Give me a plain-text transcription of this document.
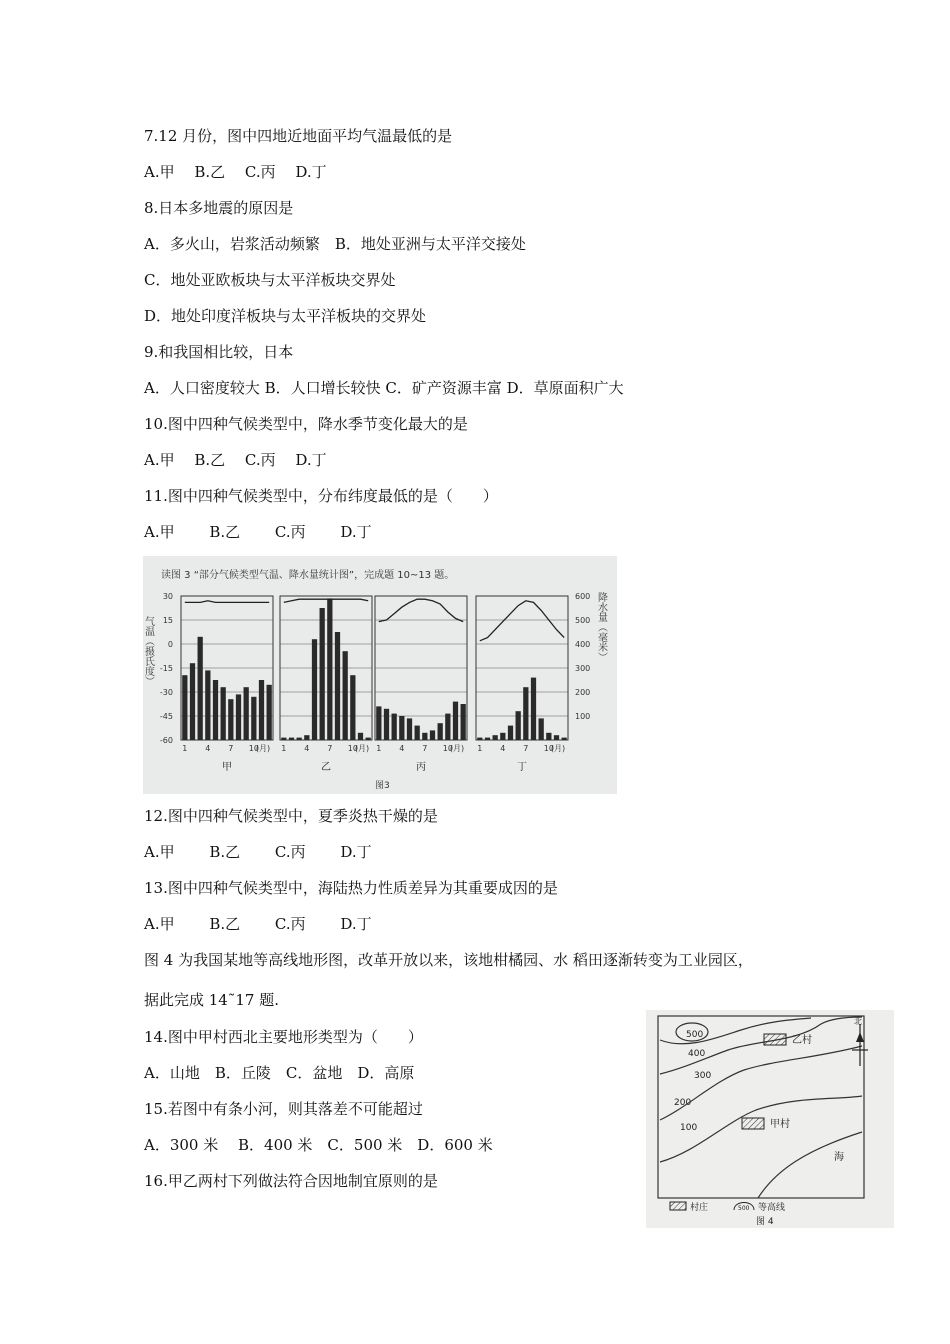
7.12 月份，图中四地近地面平均气温最低的是
A.甲　 B.乙　 C.丙　 D.丁
8.日本多地震的原因是
A．多火山，岩浆活动频繁　B．地处亚洲与太平洋交接处
C．地处亚欧板块与太平洋板块交界处
D．地处印度洋板块与太平洋板块的交界处
9.和我国相比较，日本
A．人口密度较大 B．人口增长较快 C．矿产资源丰富 D．草原面积广大
10.图中四种气候类型中，降水季节变化最大的是
A.甲　 B.乙　 C.丙　 D.丁
11.图中四种气候类型中，分布纬度最低的是（　　）
A.甲　　 B.乙　　 C.丙　　 D.丁
读图 3 “部分气候类型气温、降水量统计图”，完成题 10~13 题。
气温（摄氏度）	降水量（毫米）
30
15
0
-15
-30
-45
-60
600
500
400
300
200
100
1 4 7 10
(月)
甲
1 4 7 10
(月)
乙
1 4 7 10
(月)
丙
1 4 7 10
(月)
丁
图3
12.图中四种气候类型中，夏季炎热干燥的是
A.甲　　 B.乙　　 C.丙　　 D.丁
13.图中四种气候类型中，海陆热力性质差异为其重要成因的是
A.甲　　 B.乙　　 C.丙　　 D.丁
图 4 为我国某地等高线地形图，改革开放以来，该地柑橘园、水 稻田逐渐转变为工业园区，
据此完成 14˜17 题.
14.图中甲村西北主要地形类型为（　　）
A．山地　B．丘陵　C．盆地　D．高原
15.若图中有条小河，则其落差不可能超过
A．300 米　 B．400 米　C．500 米　D．600 米
16.甲乙两村下列做法符合因地制宜原则的是
500
400
300
200
100
乙村
甲村
海
北
村庄	500 等高线
图 4
